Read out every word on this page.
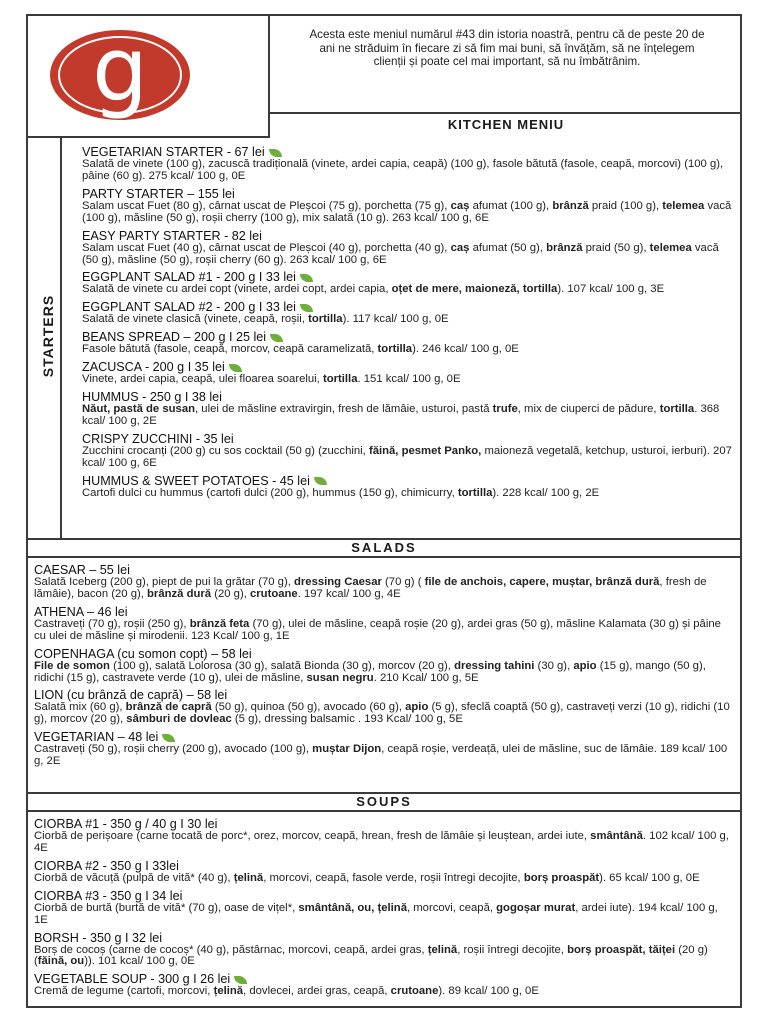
g	Acesta este meniul numărul #43 din istoria noastră, pentru că de peste 20 de ani ne străduim în fiecare zi să fim mai buni, să învățăm, să ne înțelegem clienții și poate cel mai important, să nu îmbătrânim.
KITCHEN MENIU
STARTERS
VEGETARIAN STARTER - 67 lei
Salată de vinete (100 g), zacuscă tradițională (vinete, ardei capia, ceapă) (100 g), fasole bătută (fasole, ceapă, morcovi) (100 g), pâine (60 g). 275 kcal/ 100 g, 0E
PARTY STARTER – 155 lei
Salam uscat Fuet (80 g), cârnat uscat de Pleșcoi (75 g), porchetta (75 g), caș afumat (100 g), brânză praid (100 g), telemea vacă (100 g), măsline (50 g), roșii cherry (100 g), mix salată (10 g). 263 kcal/ 100 g, 6E
EASY PARTY STARTER - 82 lei
Salam uscat Fuet (40 g), cârnat uscat de Pleșcoi (40 g), porchetta (40 g), caș afumat (50 g), brânză praid (50 g), telemea vacă (50 g), măsline (50 g), roșii cherry (60 g). 263 kcal/ 100 g, 6E
EGGPLANT SALAD #1 - 200 g I 33 lei
Salată de vinete cu ardei copt (vinete, ardei copt, ardei capia, oțet de mere, maioneză, tortilla). 107 kcal/ 100 g, 3E
EGGPLANT SALAD #2 - 200 g I 33 lei
Salată de vinete clasică (vinete, ceapă, roșii, tortilla). 117 kcal/ 100 g, 0E
BEANS SPREAD – 200 g I 25 lei
Fasole bătută (fasole, ceapă, morcov, ceapă caramelizată, tortilla). 246 kcal/ 100 g, 0E
ZACUSCA - 200 g I 35 lei
Vinete, ardei capia, ceapă, ulei floarea soarelui, tortilla. 151 kcal/ 100 g, 0E
HUMMUS - 250 g I 38 lei
Năut, pastă de susan, ulei de măsline extravirgin, fresh de lămâie, usturoi, pastă trufe, mix de ciuperci de pădure, tortilla. 368 kcal/ 100 g, 2E
CRISPY ZUCCHINI - 35 lei
Zucchini crocanți (200 g) cu sos cocktail (50 g) (zucchini, făină, pesmet Panko, maioneză vegetală, ketchup, usturoi, ierburi). 207 kcal/ 100 g, 6E
HUMMUS & SWEET POTATOES - 45 lei
Cartofi dulci cu hummus (cartofi dulci (200 g), hummus (150 g), chimicurry, tortilla). 228 kcal/ 100 g, 2E
SALADS
CAESAR – 55 lei
Salată Iceberg (200 g), piept de pui la grătar (70 g), dressing Caesar (70 g) ( file de anchois, capere, muștar, brânză dură, fresh de lămâie), bacon (20 g), brânză dură (20 g), crutoane. 197 kcal/ 100 g, 4E
ATHENA – 46 lei
Castraveți (70 g), roșii (250 g), brânză feta (70 g), ulei de măsline, ceapă roșie (20 g), ardei gras (50 g), măsline Kalamata (30 g) și pâine cu ulei de măsline și mirodenii. 123 Kcal/ 100 g, 1E
COPENHAGA (cu somon copt) – 58 lei
File de somon (100 g), salată Lolorosa (30 g), salată Bionda (30 g), morcov (20 g), dressing tahini (30 g), apio (15 g), mango (50 g), ridichi (15 g), castravete verde (10 g), ulei de măsline, susan negru. 210 Kcal/ 100 g, 5E
LION (cu brânză de capră) – 58 lei
Salată mix (60 g), brânză de capră (50 g), quinoa (50 g), avocado (60 g), apio (5 g), sfeclă coaptă (50 g), castraveți verzi (10 g), ridichi (10 g), morcov (20 g), sâmburi de dovleac (5 g), dressing balsamic . 193 Kcal/ 100 g, 5E
VEGETARIAN – 48 lei
Castraveți (50 g), roșii cherry (200 g), avocado (100 g), muștar Dijon, ceapă roșie, verdeață, ulei de măsline, suc de lămâie. 189 kcal/ 100 g, 2E
SOUPS
CIORBA #1 - 350 g / 40 g I 30 lei
Ciorbă de perișoare (carne tocată de porc*, orez, morcov, ceapă, hrean, fresh de lămâie și leuștean, ardei iute, smântână. 102 kcal/ 100 g, 4E
CIORBA #2 - 350 g I 33lei
Ciorbă de văcuță (pulpă de vită* (40 g), țelină, morcovi, ceapă, fasole verde, roșii întregi decojite, borș proaspăt). 65 kcal/ 100 g, 0E
CIORBA #3 - 350 g I 34 lei
Ciorbă de burtă (burtă de vită* (70 g), oase de vițel*, smântână, ou, țelină, morcovi, ceapă, gogoșar murat, ardei iute). 194 kcal/ 100 g, 1E
BORSH - 350 g I 32 lei
Borș de cocoș (carne de cocoș* (40 g), păstârnac, morcovi, ceapă, ardei gras, țelină, roșii întregi decojite, borș proaspăt, tăiței (20 g) (făină, ou)). 101 kcal/ 100 g, 0E
VEGETABLE SOUP - 300 g I 26 lei
Cremă de legume (cartofi, morcovi, țelină, dovlecei, ardei gras, ceapă, crutoane). 89 kcal/ 100 g, 0E
